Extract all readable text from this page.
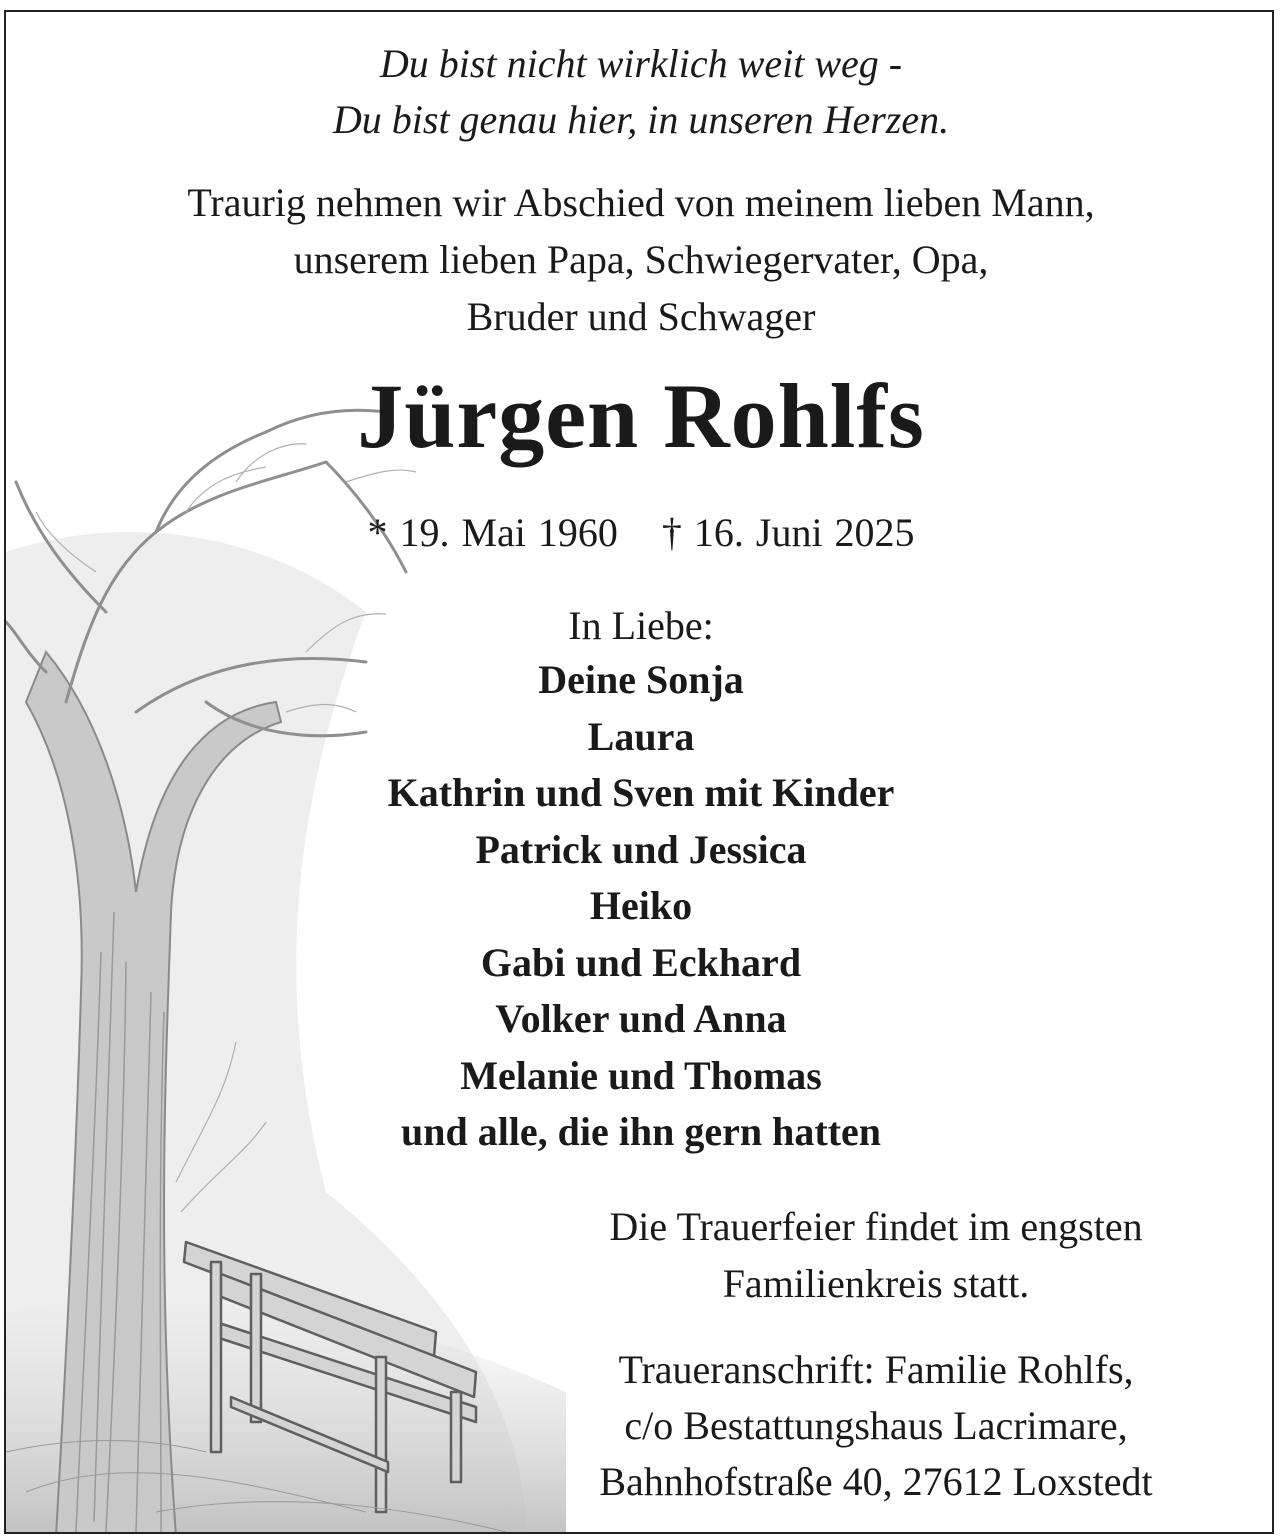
Du bist nicht wirklich weit weg -
Du bist genau hier, in unseren Herzen.
Traurig nehmen wir Abschied von meinem lieben Mann,
unserem lieben Papa, Schwiegervater, Opa,
Bruder und Schwager
Jürgen Rohlfs
* 19. Mai 1960 † 16. Juni 2025
In Liebe:
Deine Sonja
Laura
Kathrin und Sven mit Kinder
Patrick und Jessica
Heiko
Gabi und Eckhard
Volker und Anna
Melanie und Thomas
und alle, die ihn gern hatten
Die Trauerfeier findet im engsten
Familienkreis statt.
Traueranschrift: Familie Rohlfs,
c/o Bestattungshaus Lacrimare,
Bahnhofstraße 40, 27612 Loxstedt
